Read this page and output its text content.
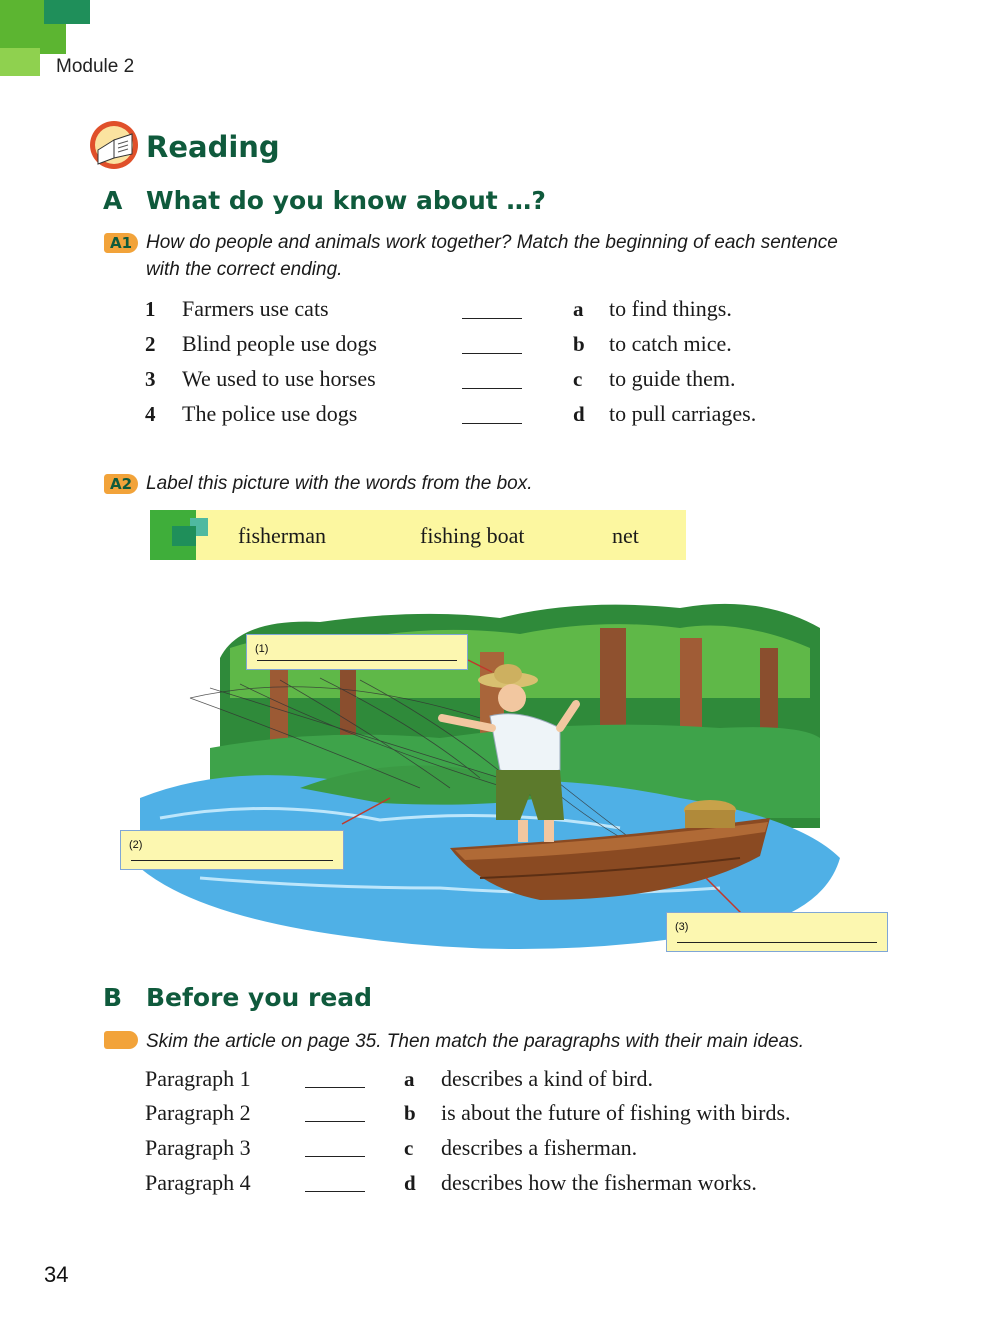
Module 2
Reading
A What do you know about …?
A1 How do people and animals work together? Match the beginning of each sentence
with the correct ending.
1 Farmers use cats	a to find things.
2 Blind people use dogs	b to catch mice.
3 We used to use horses	c to guide them.
4 The police use dogs	d to pull carriages.
A2 Label this picture with the words from the box.
fisherman	fishing boat	net
(1)
(2)
(3)
B Before you read
Skim the article on page 35. Then match the paragraphs with their main ideas.
Paragraph 1	a describes a kind of bird.
Paragraph 2	b is about the future of fishing with birds.
Paragraph 3	c describes a fisherman.
Paragraph 4	d describes how the fisherman works.
34
